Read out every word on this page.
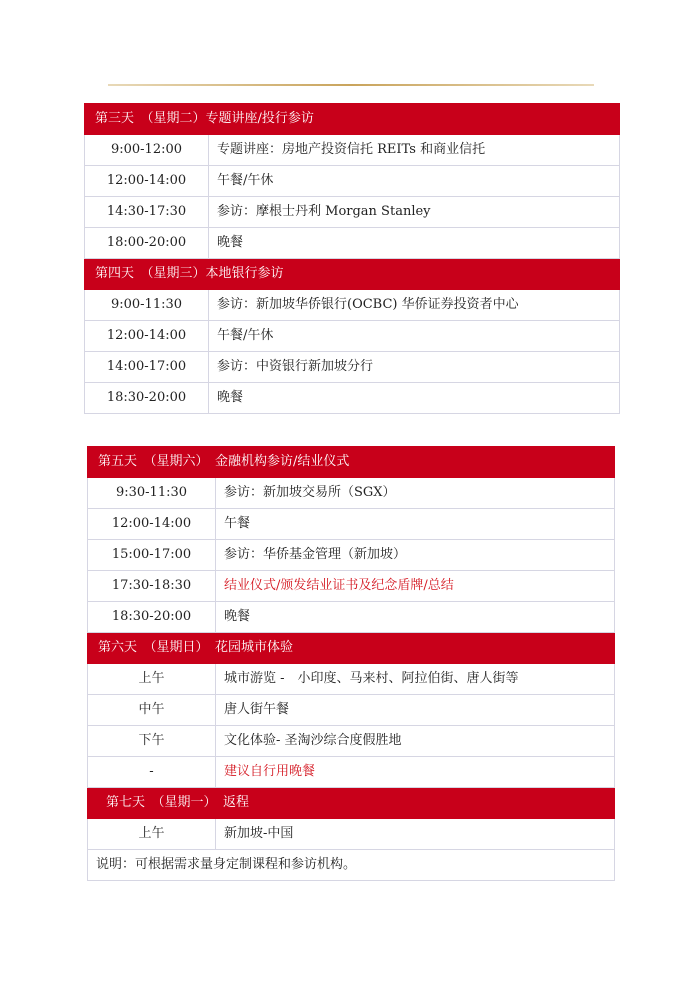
第三天　（星期二）专题讲座/投行参访	
9:00-12:00	专题讲座：房地产投资信托 REITs 和商业信托
12:00-14:00	午餐/午休
14:30-17:30	参访：摩根士丹利 Morgan Stanley
18:00-20:00	晚餐
第四天　（星期三）本地银行参访	
9:00-11:30	参访：新加坡华侨银行(OCBC) 华侨证券投资者中心
12:00-14:00	午餐/午休
14:00-17:00	参访：中资银行新加坡分行
18:30-20:00	晚餐
第五天　（星期六）　金融机构参访/结业仪式	
9:30-11:30	参访：新加坡交易所（SGX）
12:00-14:00	午餐
15:00-17:00	参访：华侨基金管理（新加坡）
17:30-18:30	结业仪式/颁发结业证书及纪念盾牌/总结
18:30-20:00	晚餐
第六天　（星期日）　花园城市体验	
上午	城市游览 -　小印度、马来村、阿拉伯街、唐人街等
中午	唐人街午餐
下午	文化体验- 圣淘沙综合度假胜地
-	建议自行用晚餐
第七天　（星期一）　返程	
上午	新加坡-中国
说明：可根据需求量身定制课程和参访机构。	
